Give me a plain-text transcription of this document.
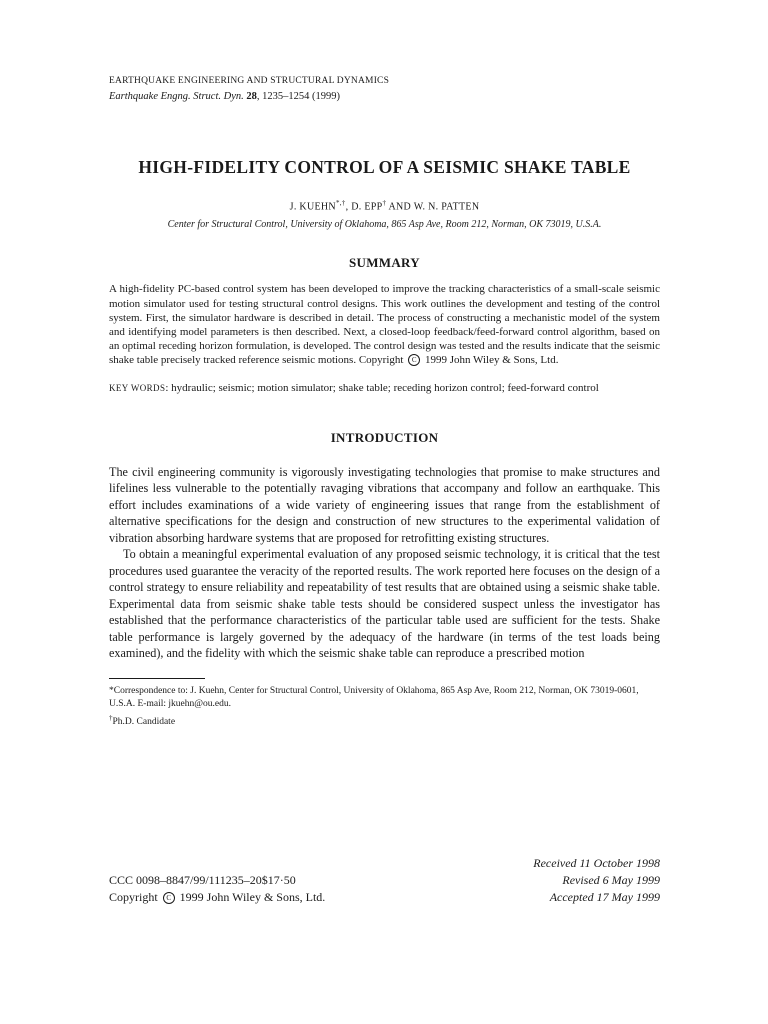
EARTHQUAKE ENGINEERING AND STRUCTURAL DYNAMICS

Earthquake Engng. Struct. Dyn. 28, 1235–1254 (1999)

HIGH-FIDELITY CONTROL OF A SEISMIC SHAKE TABLE

J. KUEHN*,†, D. EPP† AND W. N. PATTEN

Center for Structural Control, University of Oklahoma, 865 Asp Ave, Room 212, Norman, OK 73019, U.S.A.

SUMMARY

A high-fidelity PC-based control system has been developed to improve the tracking characteristics of a small-scale seismic motion simulator used for testing structural control designs. This work outlines the development and testing of the control system. First, the simulator hardware is described in detail. The process of constructing a mechanistic model of the system and identifying model parameters is then described. Next, a closed-loop feedback/feed-forward control algorithm, based on an optimal receding horizon formulation, is developed. The control design was tested and the results indicate that the seismic shake table precisely tracked reference seismic motions. Copyright C 1999 John Wiley & Sons, Ltd.

KEY WORDS: hydraulic; seismic; motion simulator; shake table; receding horizon control; feed-forward control

INTRODUCTION

The civil engineering community is vigorously investigating technologies that promise to make structures and lifelines less vulnerable to the potentially ravaging vibrations that accompany and follow an earthquake. This effort includes examinations of a wide variety of engineering issues that range from the establishment of alternative specifications for the design and construction of new structures to the experimental validation of vibration absorbing hardware systems that are proposed for retrofitting existing structures.

To obtain a meaningful experimental evaluation of any proposed seismic technology, it is critical that the test procedures used guarantee the veracity of the reported results. The work reported here focuses on the design of a control strategy to ensure reliability and repeatability of test results that are obtained using a seismic shake table. Experimental data from seismic shake table tests should be considered suspect unless the investigator has established that the performance characteristics of the particular table used are sufficient for the tests. Shake table performance is largely governed by the adequacy of the hardware (in terms of the test loads being examined), and the fidelity with which the seismic shake table can reproduce a prescribed motion

*Correspondence to: J. Kuehn, Center for Structural Control, University of Oklahoma, 865 Asp Ave, Room 212, Norman, OK 73019-0601, U.S.A. E-mail: jkuehn@ou.edu.

†Ph.D. Candidate

Received 11 October 1998
Revised 6 May 1999
Accepted 17 May 1999
CCC 0098–8847/99/111235–20$17·50
Copyright C 1999 John Wiley & Sons, Ltd.
